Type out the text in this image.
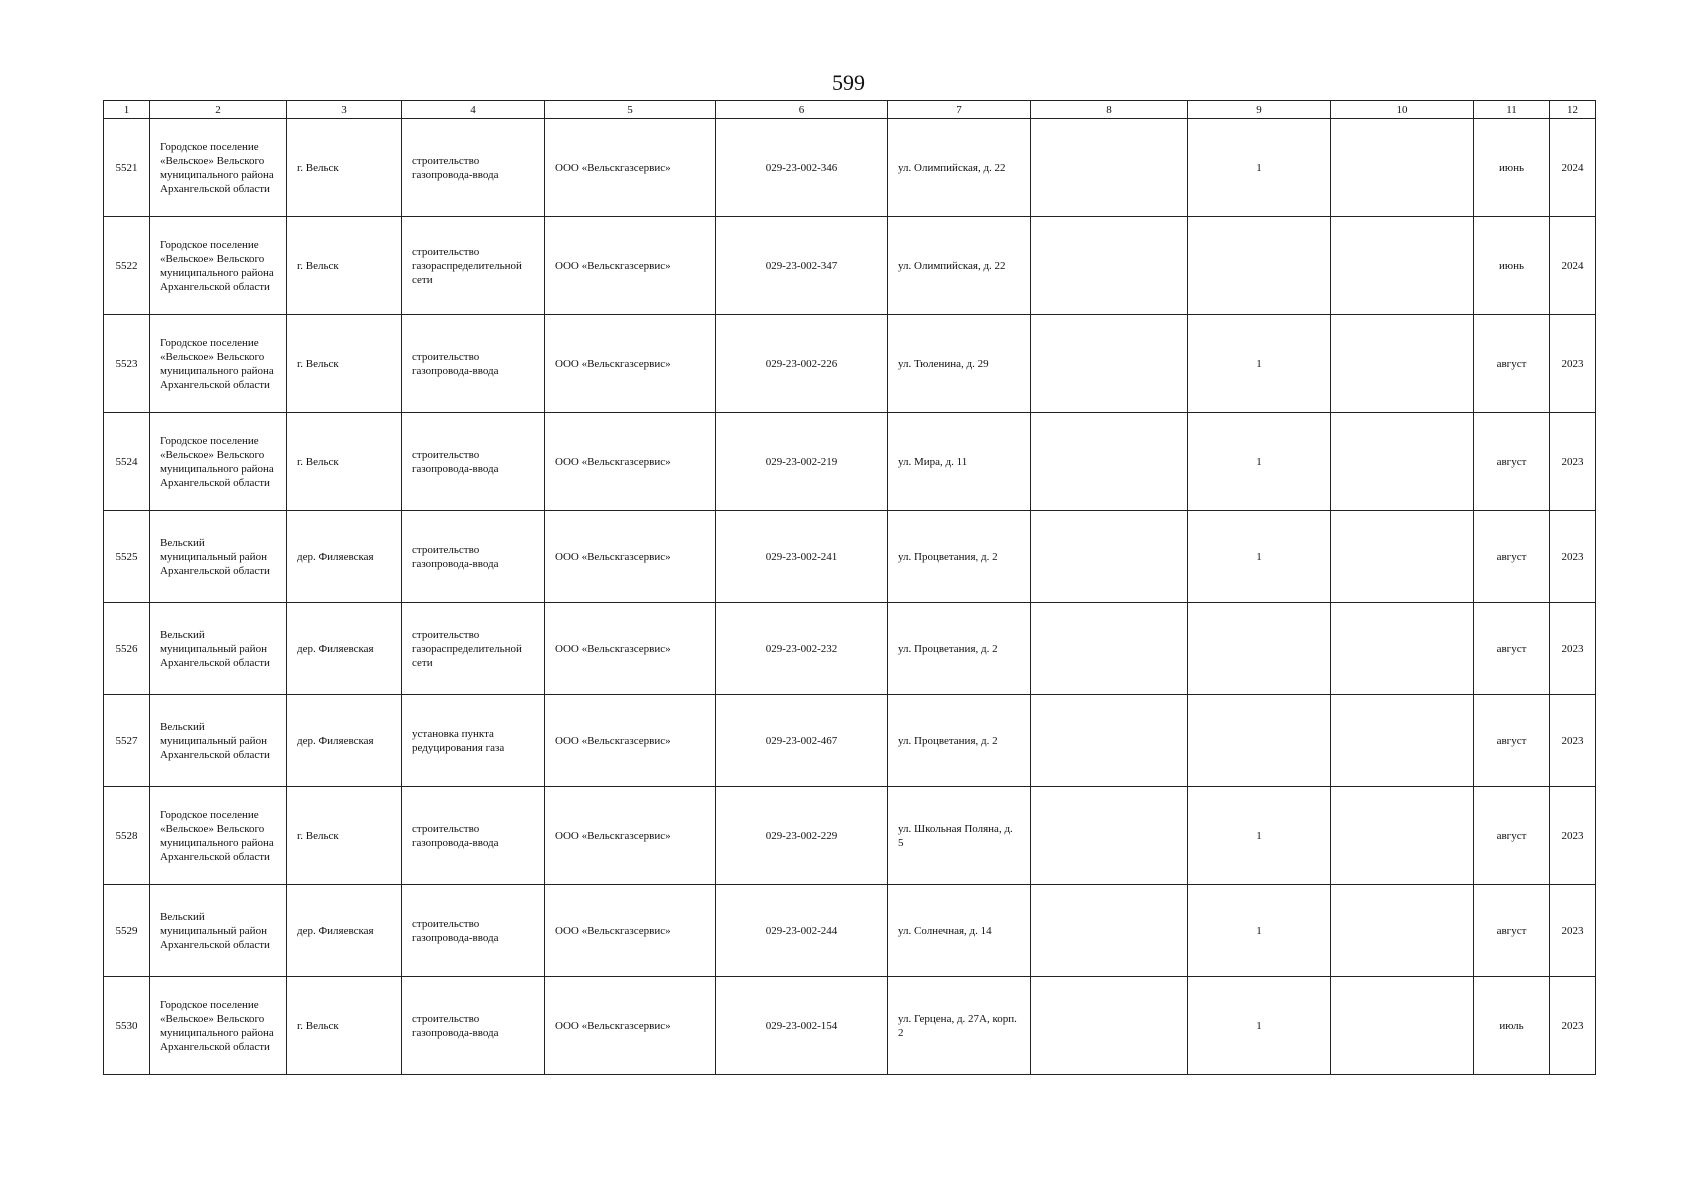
599
1	2	3	4	5	6	7	8	9	10	11	12
5521	Городское поселение «Вельское» Вельского муниципального района Архангельской области	г. Вельск	строительство газопровода-ввода	ООО «Вельскгазсервис»	029-23-002-346	ул. Олимпийская, д. 22		1		июнь	2024
5522	Городское поселение «Вельское» Вельского муниципального района Архангельской области	г. Вельск	строительство газораспределительной сети	ООО «Вельскгазсервис»	029-23-002-347	ул. Олимпийская, д. 22				июнь	2024
5523	Городское поселение «Вельское» Вельского муниципального района Архангельской области	г. Вельск	строительство газопровода-ввода	ООО «Вельскгазсервис»	029-23-002-226	ул. Тюленина, д. 29		1		август	2023
5524	Городское поселение «Вельское» Вельского муниципального района Архангельской области	г. Вельск	строительство газопровода-ввода	ООО «Вельскгазсервис»	029-23-002-219	ул. Мира, д. 11		1		август	2023
5525	Вельский муниципальный район Архангельской области	дер. Филяевская	строительство газопровода-ввода	ООО «Вельскгазсервис»	029-23-002-241	ул. Процветания, д. 2		1		август	2023
5526	Вельский муниципальный район Архангельской области	дер. Филяевская	строительство газораспределительной сети	ООО «Вельскгазсервис»	029-23-002-232	ул. Процветания, д. 2				август	2023
5527	Вельский муниципальный район Архангельской области	дер. Филяевская	установка пункта редуцирования газа	ООО «Вельскгазсервис»	029-23-002-467	ул. Процветания, д. 2				август	2023
5528	Городское поселение «Вельское» Вельского муниципального района Архангельской области	г. Вельск	строительство газопровода-ввода	ООО «Вельскгазсервис»	029-23-002-229	ул. Школьная Поляна, д. 5		1		август	2023
5529	Вельский муниципальный район Архангельской области	дер. Филяевская	строительство газопровода-ввода	ООО «Вельскгазсервис»	029-23-002-244	ул. Солнечная, д. 14		1		август	2023
5530	Городское поселение «Вельское» Вельского муниципального района Архангельской области	г. Вельск	строительство газопровода-ввода	ООО «Вельскгазсервис»	029-23-002-154	ул. Герцена, д. 27А, корп. 2		1		июль	2023
